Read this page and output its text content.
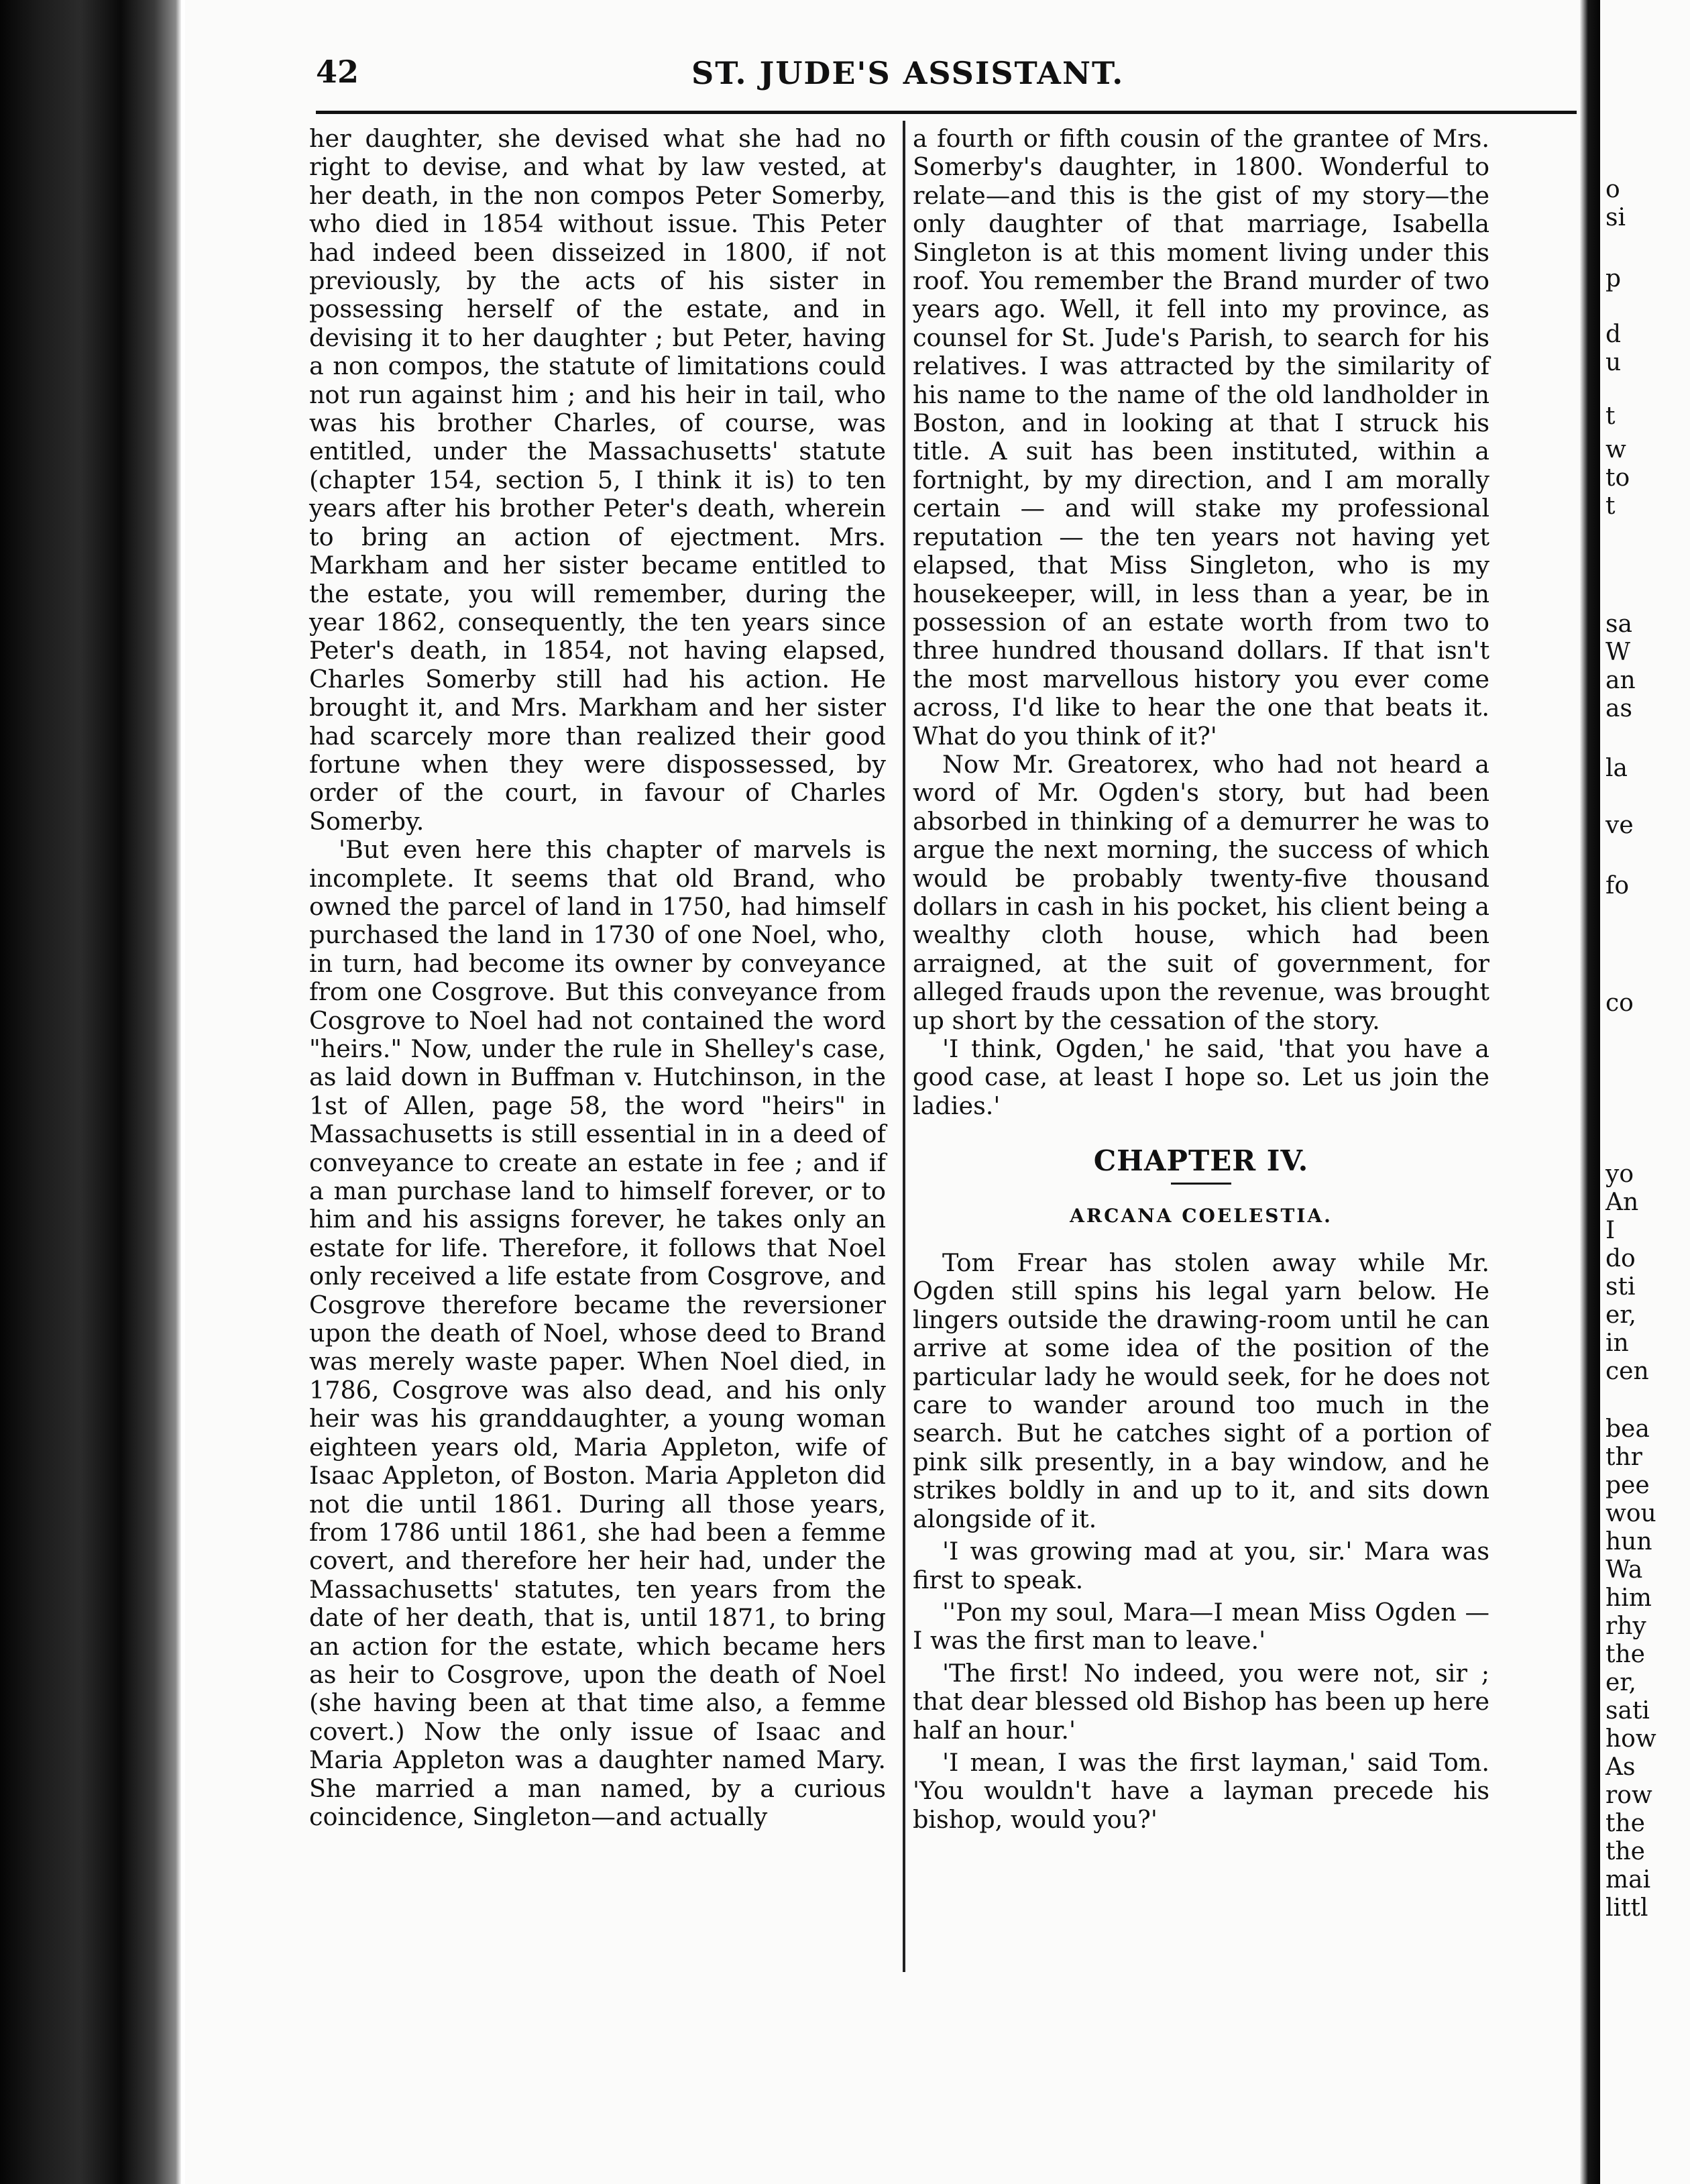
42	ST. JUDE'S ASSISTANT.

her daughter, she devised what she had no right to devise, and what by law vested, at her death, in the non compos Peter Somerby, who died in 1854 without issue. This Peter had indeed been disseized in 1800, if not previously, by the acts of his sister in possessing herself of the estate, and in devising it to her daughter ; but Peter, having a non compos, the statute of limitations could not run against him ; and his heir in tail, who was his brother Charles, of course, was entitled, under the Massachusetts' statute (chapter 154, section 5, I think it is) to ten years after his brother Peter's death, wherein to bring an action of ejectment. Mrs. Markham and her sister became entitled to the estate, you will remember, during the year 1862, consequently, the ten years since Peter's death, in 1854, not having elapsed, Charles Somerby still had his action. He brought it, and Mrs. Markham and her sister had scarcely more than realized their good fortune when they were dispossessed, by order of the court, in favour of Charles Somerby.

'But even here this chapter of marvels is incomplete. It seems that old Brand, who owned the parcel of land in 1750, had himself purchased the land in 1730 of one Noel, who, in turn, had become its owner by conveyance from one Cosgrove. But this conveyance from Cosgrove to Noel had not contained the word "heirs." Now, under the rule in Shelley's case, as laid down in Buffman v. Hutchinson, in the 1st of Allen, page 58, the word "heirs" in Massachusetts is still essential in in a deed of conveyance to create an estate in fee ; and if a man purchase land to himself forever, or to him and his assigns forever, he takes only an estate for life. Therefore, it follows that Noel only received a life estate from Cosgrove, and Cosgrove therefore became the reversioner upon the death of Noel, whose deed to Brand was merely waste paper. When Noel died, in 1786, Cosgrove was also dead, and his only heir was his granddaughter, a young woman eighteen years old, Maria Appleton, wife of Isaac Appleton, of Boston. Maria Appleton did not die until 1861. During all those years, from 1786 until 1861, she had been a femme covert, and therefore her heir had, under the Massachusetts' statutes, ten years from the date of her death, that is, until 1871, to bring an action for the estate, which became hers as heir to Cosgrove, upon the death of Noel (she having been at that time also, a femme covert.) Now the only issue of Isaac and Maria Appleton was a daughter named Mary. She married a man named, by a curious coincidence, Singleton—and actually

a fourth or fifth cousin of the grantee of Mrs. Somerby's daughter, in 1800. Wonderful to relate—and this is the gist of my story—the only daughter of that marriage, Isabella Singleton is at this moment living under this roof. You remember the Brand murder of two years ago. Well, it fell into my province, as counsel for St. Jude's Parish, to search for his relatives. I was attracted by the similarity of his name to the name of the old landholder in Boston, and in looking at that I struck his title. A suit has been instituted, within a fortnight, by my direction, and I am morally certain — and will stake my professional reputation — the ten years not having yet elapsed, that Miss Singleton, who is my housekeeper, will, in less than a year, be in possession of an estate worth from two to three hundred thousand dollars. If that isn't the most marvellous history you ever come across, I'd like to hear the one that beats it. What do you think of it?'

Now Mr. Greatorex, who had not heard a word of Mr. Ogden's story, but had been absorbed in thinking of a demurrer he was to argue the next morning, the success of which would be probably twenty-five thousand dollars in cash in his pocket, his client being a wealthy cloth house, which had been arraigned, at the suit of government, for alleged frauds upon the revenue, was brought up short by the cessation of the story.

'I think, Ogden,' he said, 'that you have a good case, at least I hope so. Let us join the ladies.'

CHAPTER IV.
ARCANA COELESTIA.

Tom Frear has stolen away while Mr. Ogden still spins his legal yarn below. He lingers outside the drawing-room until he can arrive at some idea of the position of the particular lady he would seek, for he does not care to wander around too much in the search. But he catches sight of a portion of pink silk presently, in a bay window, and he strikes boldly in and up to it, and sits down alongside of it.

'I was growing mad at you, sir.' Mara was first to speak.

''Pon my soul, Mara—I mean Miss Ogden —I was the first man to leave.'

'The first! No indeed, you were not, sir ; that dear blessed old Bishop has been up here half an hour.'

'I mean, I was the first layman,' said Tom. 'You wouldn't have a layman precede his bishop, would you?'

o
si
p
d
u
t
w
to
t
sa
W
an
as
la
ve
fo
co
yo
An
I
do
sti
er,
in
cen
bea
thr
pee
wou
hun
Wa
him
rhy
the
er,
sati
how
As
row
the
the
mai
littl
